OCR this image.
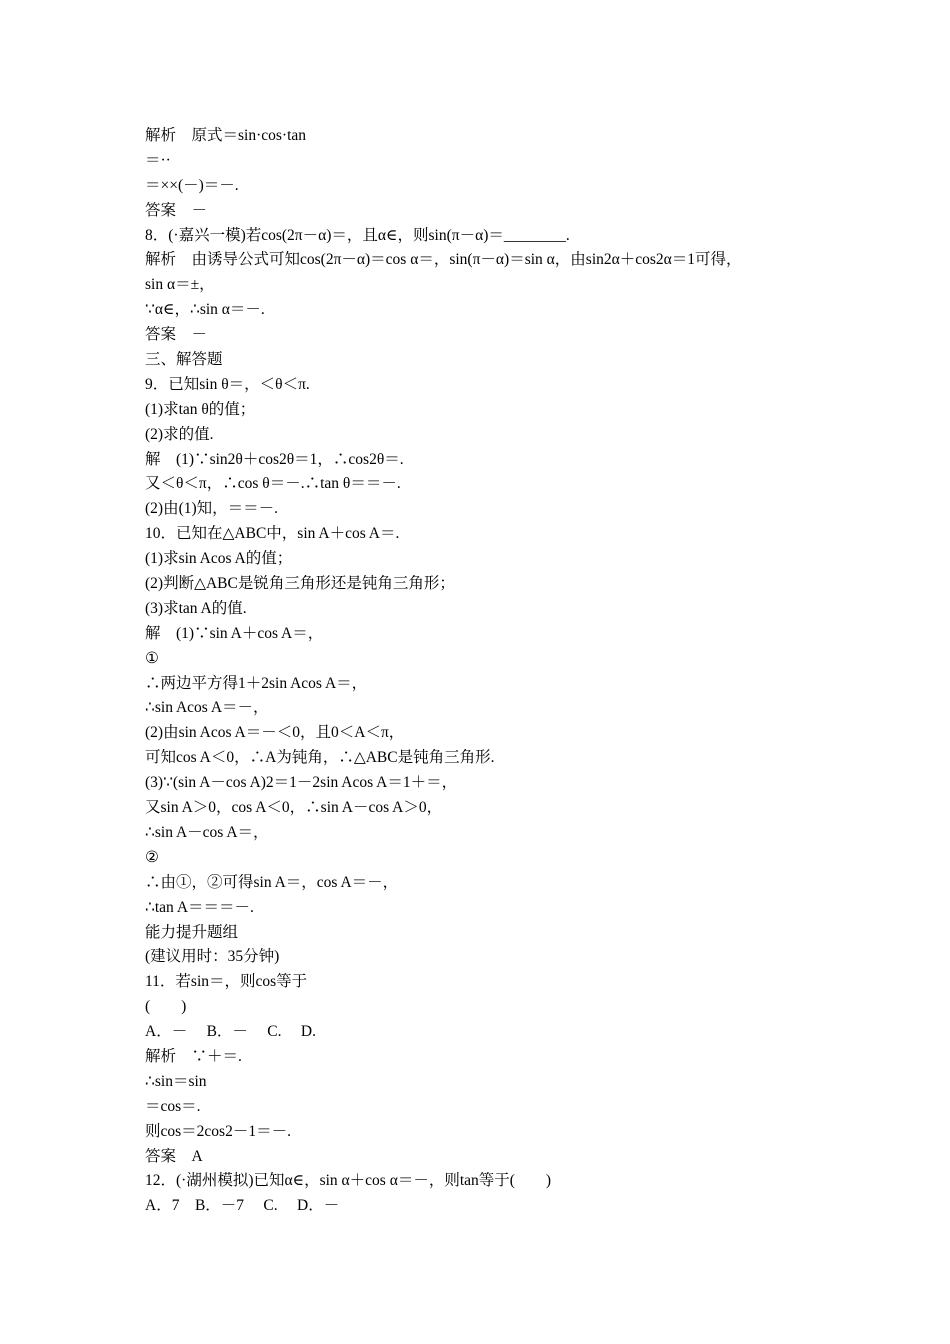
解析　原式＝sin·cos·tan
＝··
＝××(－)＝－.
答案　－
8．(·嘉兴一模)若cos(2π－α)＝，且α∈，则sin(π－α)＝________.
解析　由诱导公式可知cos(2π－α)＝cos α＝，sin(π－α)＝sin α，由sin2α＋cos2α＝1可得，
sin α＝±，
∵α∈，∴sin α＝－.
答案　－
三、解答题
9．已知sin θ＝，＜θ＜π.
(1)求tan θ的值；
(2)求的值.
解　(1)∵sin2θ＋cos2θ＝1，∴cos2θ＝.
又＜θ＜π，∴cos θ＝－.∴tan θ＝＝－.
(2)由(1)知，＝＝－.
10．已知在△ABC中，sin A＋cos A＝.
(1)求sin Acos A的值；
(2)判断△ABC是锐角三角形还是钝角三角形；
(3)求tan A的值.
解　(1)∵sin A＋cos A＝，
①
∴两边平方得1＋2sin Acos A＝，
∴sin Acos A＝－，
(2)由sin Acos A＝－＜0，且0＜A＜π，
可知cos A＜0，∴A为钝角，∴△ABC是钝角三角形.
(3)∵(sin A－cos A)2＝1－2sin Acos A＝1＋＝，
又sin A＞0，cos A＜0，∴sin A－cos A＞0，
∴sin A－cos A＝，
②
∴由①，②可得sin A＝，cos A＝－，
∴tan A＝＝＝－.
能力提升题组
(建议用时：35分钟)
11．若sin＝，则cos等于
(　　)
A．－　 B．－　 C.　 D.
解析　∵＋＝.
∴sin＝sin
＝cos＝.
则cos＝2cos2－1＝－.
答案　A
12．(·湖州模拟)已知α∈，sin α＋cos α＝－，则tan等于(　　)
A．7　B．－7　 C.　 D．－
